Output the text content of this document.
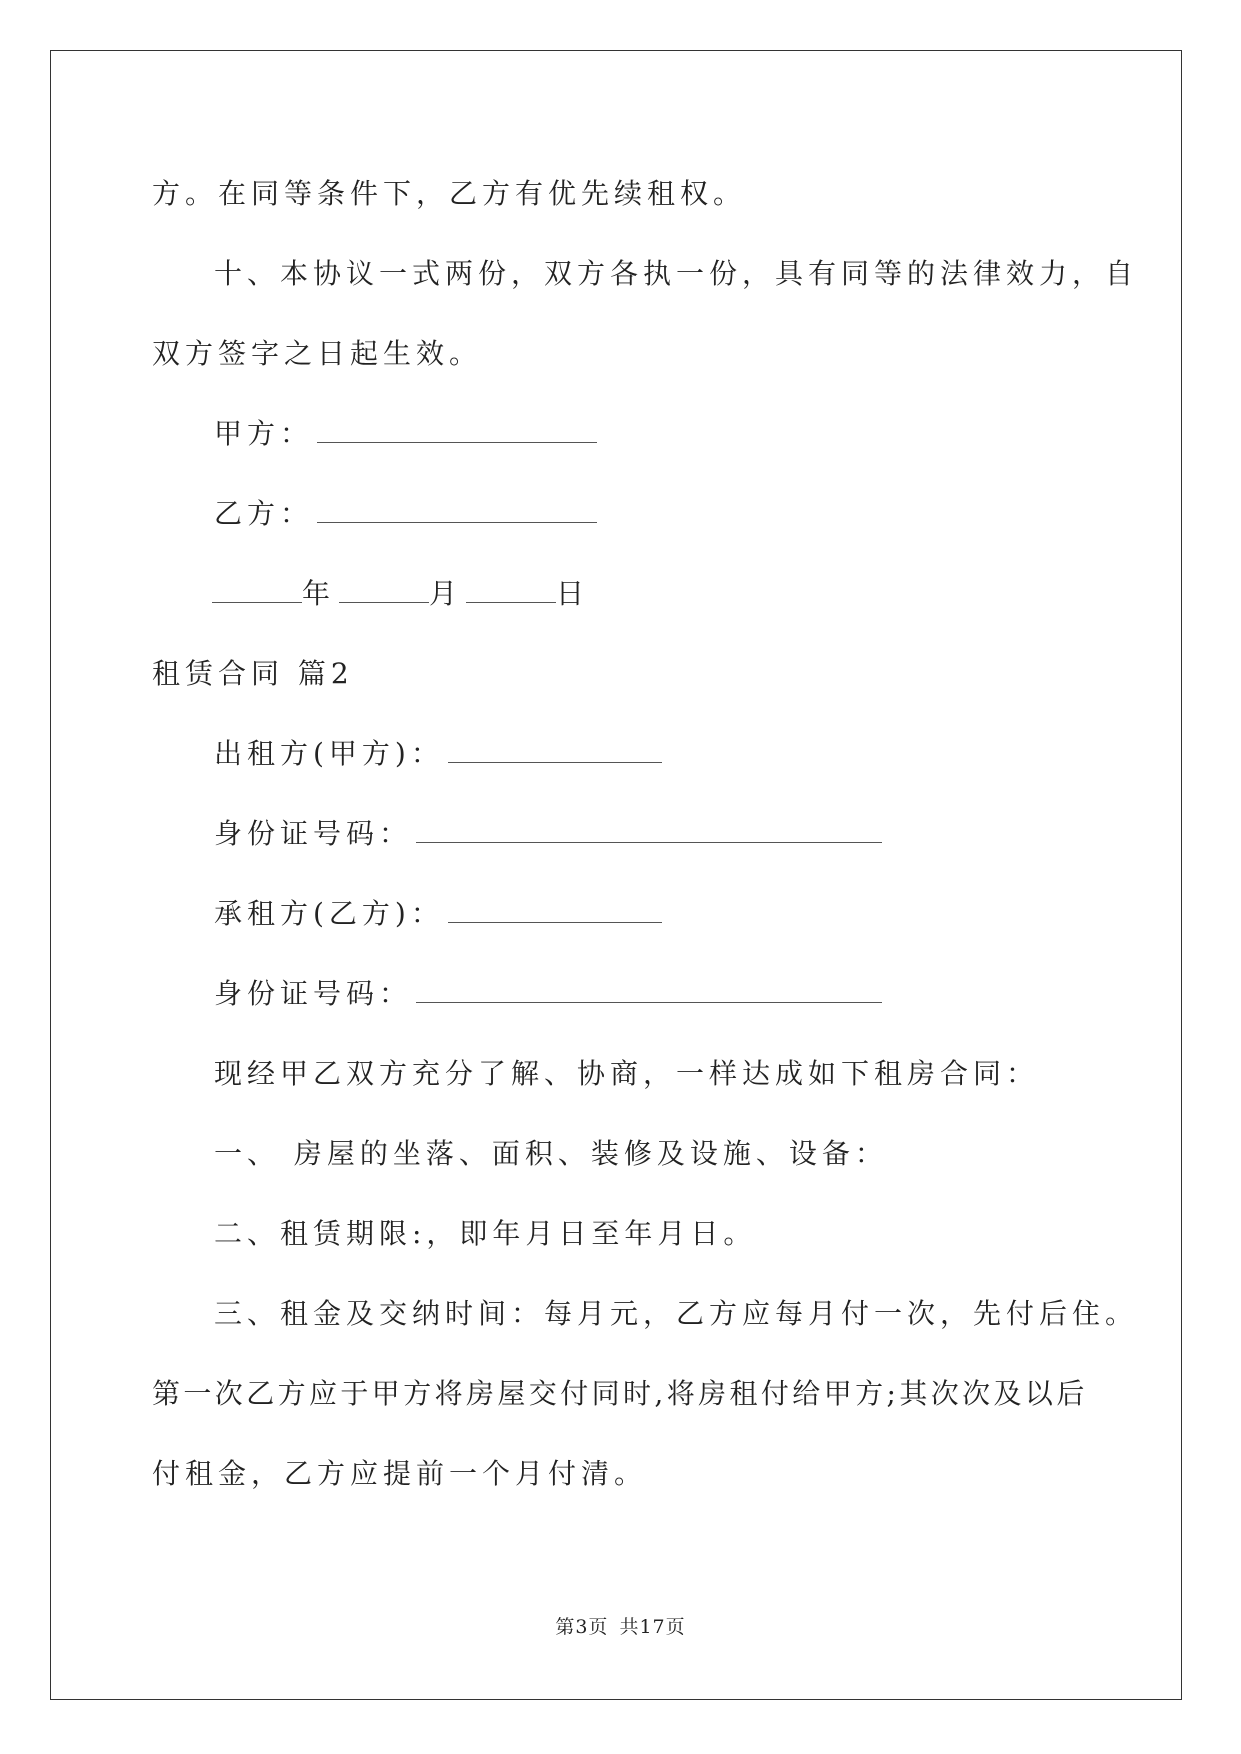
方。在同等条件下，乙方有优先续租权。
十、本协议一式两份，双方各执一份，具有同等的法律效力，自
双方签字之日起生效。
甲方：
乙方：
年	月	日
租赁合同 篇2
出租方(甲方)：
身份证号码：
承租方(乙方)：
身份证号码：
现经甲乙双方充分了解、协商，一样达成如下租房合同：
一、 房屋的坐落、面积、装修及设施、设备：
二、租赁期限:，即年月日至年月日。
三、租金及交纳时间：每月元，乙方应每月付一次，先付后住。
第一次乙方应于甲方将房屋交付同时,将房租付给甲方;其次次及以后
付租金，乙方应提前一个月付清。
第3页 共17页
